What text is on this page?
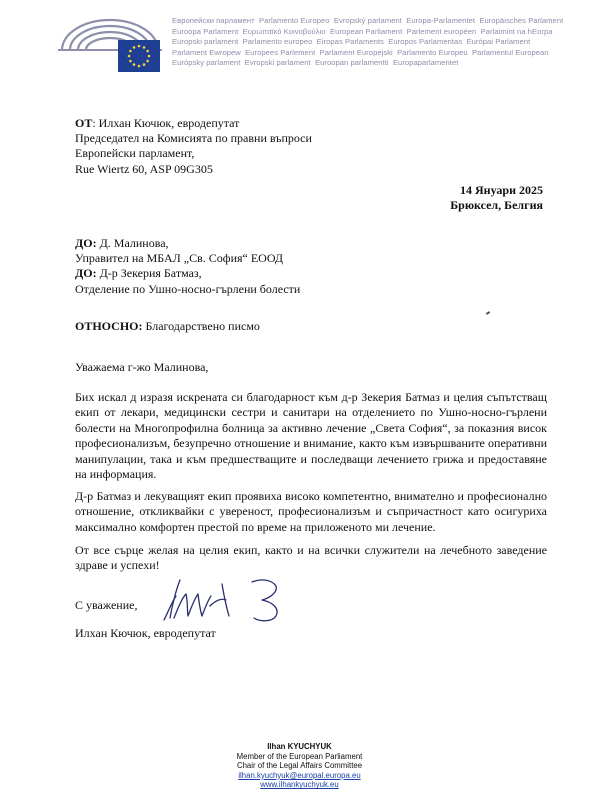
Европейски парламент Parlamento Europeo Evropský parlament Europa-Parlamentet Europäisches Parlament
Euroopa Parlament Ευρωπαϊκό Κοινοβούλιο European Parliament Parlement européen Parlaimint na hEorpa
Europski parlament Parlamento europeo Eiropas Parlaments Europos Parlamentas Európai Parlament
Parlament Ewropew Europees Parlement Parlament Europejski Parlamento Europeu Parlamentul European
Európsky parlament Evropski parlament Euroopan parlamentti Europaparlamentet
ОТ: Илхан Кючюк, евродепутат
Председател на Комисията по правни въпроси
Европейски парламент,
Rue Wiertz 60, ASP 09G305
14 Януари 2025
Брюксел, Белгия
ДО: Д. Малинова,
Управител на МБАЛ „Св. София“ ЕООД
ДО: Д-р Зекерия Батмаз,
Отделение по Ушно-носно-гърлени болести
ОТНОСНО: Благодарствено писмо
Уважаема г-жо Малинова,
Бих искал д изразя искрената си благодарност към д-р Зекерия Батмаз и целия съпътстващ екип от лекари, медицински сестри и санитари на отделението по Ушно-носно-гърлени болести на Многопрофилна болница за активно лечение „Света София“, за показния висок професионализъм, безупречно отношение и внимание, както към извършваните оперативни манипулации, така и към предшестващите и последващи лечението грижа и предоставяне на информация.
Д-р Батмаз и лекуващият екип проявиха високо компетентно, внимателно и професионално отношение, откликвайки с увереност, професионализъм и съпричастност като осигуриха максимално комфортен престой по време на приложеното ми лечение.
От все сърце желая на целия екип, както и на всички служители на лечебното заведение здраве и успехи!
С уважение,
Илхан Кючюк, евродепутат
Ilhan KYUCHYUK
Member of the European Parliament
Chair of the Legal Affairs Committee
ilhan.kyuchyuk@europal.europa.eu
www.ilhankyuchyuk.eu
